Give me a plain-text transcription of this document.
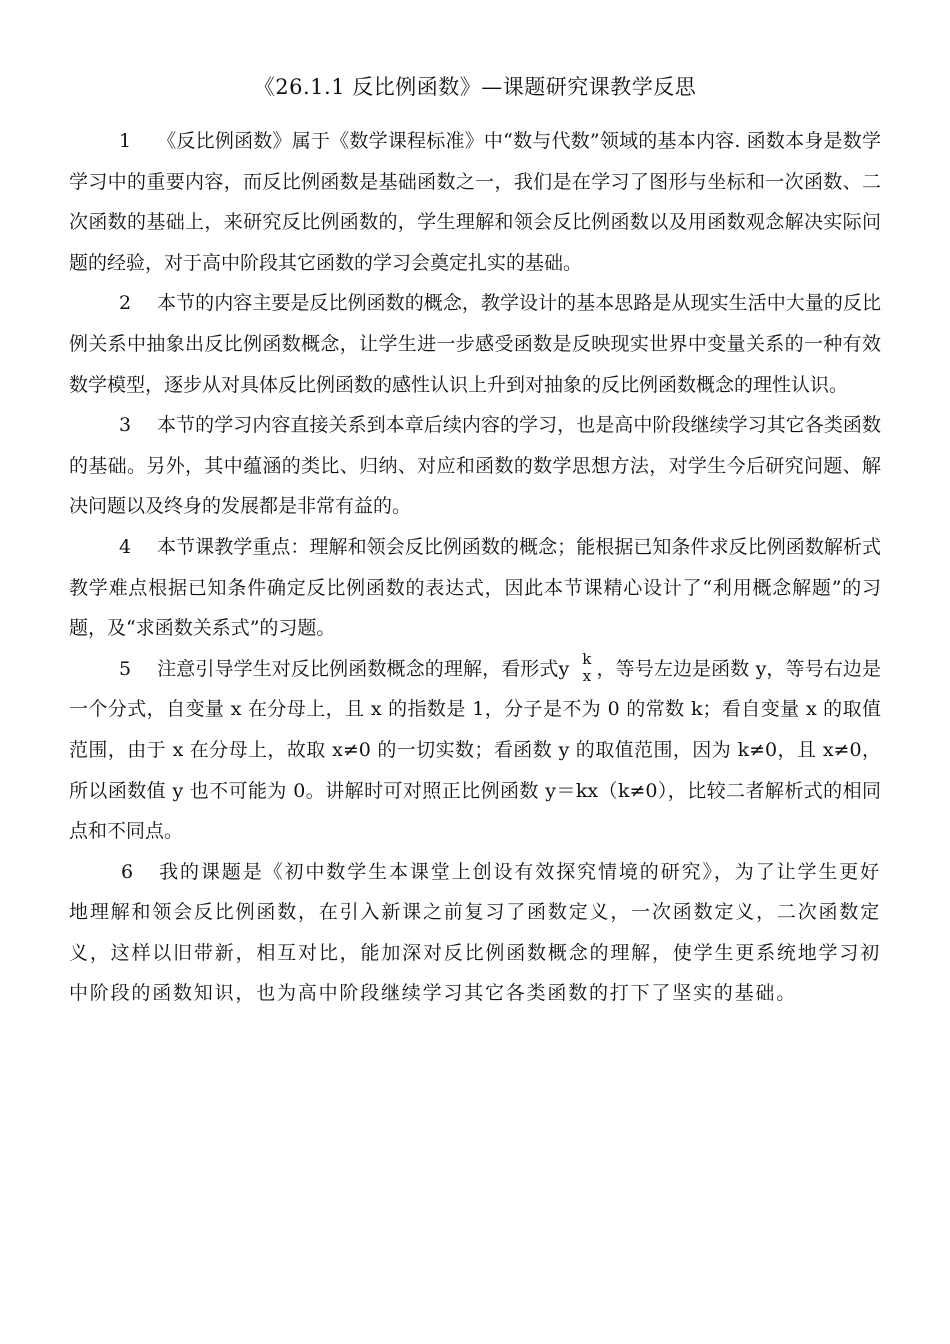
《26.1.1 反比例函数》—课题研究课教学反思

1 《反比例函数》属于《数学课程标准》中“数与代数”领域的基本内容. 函数本身是数学学习中的重要内容，而反比例函数是基础函数之一，我们是在学习了图形与坐标和一次函数、二次函数的基础上，来研究反比例函数的，学生理解和领会反比例函数以及用函数观念解决实际问题的经验，对于高中阶段其它函数的学习会奠定扎实的基础。

2 本节的内容主要是反比例函数的概念，教学设计的基本思路是从现实生活中大量的反比例关系中抽象出反比例函数概念，让学生进一步感受函数是反映现实世界中变量关系的一种有效数学模型，逐步从对具体反比例函数的感性认识上升到对抽象的反比例函数概念的理性认识。

3 本节的学习内容直接关系到本章后续内容的学习，也是高中阶段继续学习其它各类函数的基础。另外，其中蕴涵的类比、归纳、对应和函数的数学思想方法，对学生今后研究问题、解决问题以及终身的发展都是非常有益的。

4 本节课教学重点：理解和领会反比例函数的概念；能根据已知条件求反比例函数解析式教学难点根据已知条件确定反比例函数的表达式，因此本节课精心设计了“利用概念解题”的习题，及“求函数关系式”的习题。

5 注意引导学生对反比例函数概念的理解，看形式y k
x ，等号左边是函数 y，等号右边是一个分式，自变量 x 在分母上，且 x 的指数是 1，分子是不为 0 的常数 k；看自变量 x 的取值范围，由于 x 在分母上，故取 x≠0 的一切实数；看函数 y 的取值范围，因为 k≠0，且 x≠0，所以函数值 y 也不可能为 0。讲解时可对照正比例函数 y＝kx（k≠0），比较二者解析式的相同点和不同点。

6 我的课题是《初中数学生本课堂上创设有效探究情境的研究》，为了让学生更好地理解和领会反比例函数，在引入新课之前复习了函数定义，一次函数定义，二次函数定义，这样以旧带新，相互对比，能加深对反比例函数概念的理解，使学生更系统地学习初中阶段的函数知识，也为高中阶段继续学习其它各类函数的打下了坚实的基础。
